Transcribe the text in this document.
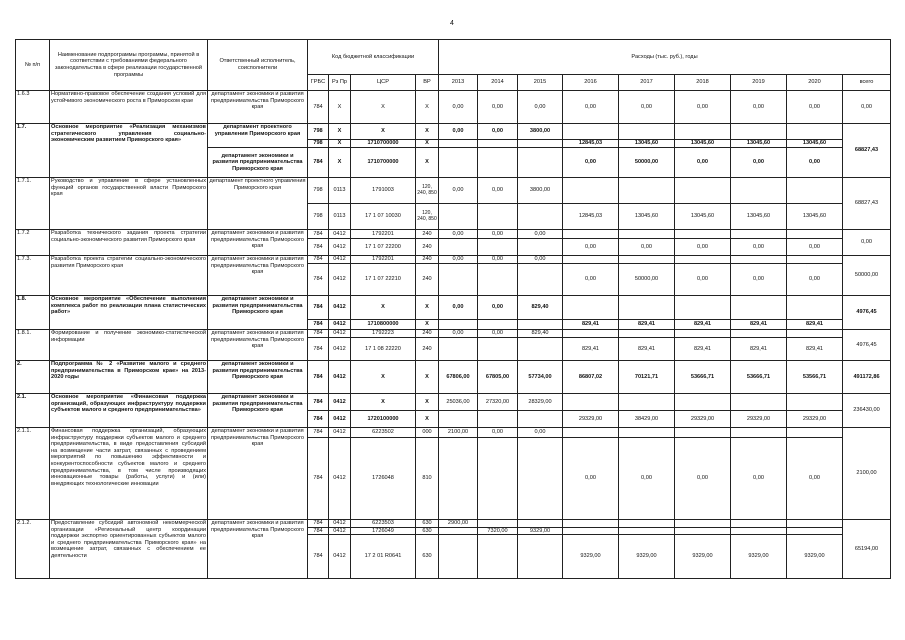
4
№ п/п	Наименование подпрограммы программы, принятой в соответствии с требованиями федерального законодательства в сфере реализации государственной программы	Ответственный исполнитель, соисполнители	Код бюджетной классификации				Расходы (тыс. руб.), годы								
			ГРБС	Рз Пр	ЦСР	ВР	2013	2014	2015	2016	2017	2018	2019	2020	всего
1.6.3	Нормативно-правовое обеспечение создания условий для устойчивого экономического роста в Приморском крае	департамент экономики и развития предпринимательства Приморского края	784	X	X	X	0,00	0,00	0,00	0,00	0,00	0,00	0,00	0,00	0,00
1.7.	Основное мероприятие «Реализация механизмов стратегического управления социально-экономическим развитием Приморского края»	департамент проектного управления Приморского края	798	X	X	X	0,00	0,00	3800,00						68827,43
			798	X	1710700000	X				12845,03	13045,60	13045,60	13045,60	13045,60	
		департамент экономики и развития предпринимательства Приморского края	784	X	1710700000	X				0,00	50000,00	0,00	0,00	0,00	
1.7.1.	Руководство и управление в сфере установленных функций органов государственной власти Приморского края	департамент проектного управления Приморского края	798	0113	1791003	120, 240, 850	0,00	0,00	3800,00						68827,43
			798	0113	17 1 07 10030	120, 240, 850				12845,03	13045,60	13045,60	13045,60	13045,60	
1.7.2	Разработка технического задания проекта стратегии социально-экономического развития Приморского края	департамент экономики и развития предпринимательства Приморского края	784	0412	1792201	240	0,00	0,00	0,00						0,00
			784	0412	17 1 07 22200	240				0,00	0,00	0,00	0,00	0,00	
1.7.3.	Разработка проекта стратегии социально-экономического развития Приморского края	департамент экономики и развития предпринимательства Приморского края	784	0412	1792201	240	0,00	0,00	0,00						50000,00
			784	0412	17 1 07 22210	240				0,00	50000,00	0,00	0,00	0,00	
1.8.	Основное мероприятие «Обеспечение выполнения комплекса работ по реализации плана статистических работ»	департамент экономики и развития предпринимательства Приморского края	784	0412	X	X	0,00	0,00	829,40						4976,45
			784	0412	1710800000	X				829,41	829,41	829,41	829,41	829,41	
1.8.1.	Формирование и получение экономико-статистической информации	департамент экономики и развития предпринимательства Приморского края	784	0412	1792223	240	0,00	0,00	829,40						4976,45
			784	0412	17 1 08 22220	240				829,41	829,41	829,41	829,41	829,41	
2.	Подпрограмма № 2 «Развитие малого и среднего предпринимательства в Приморском крае» на 2013-2020 годы	департамент экономики и развития предпринимательства Приморского края	784	0412	X	X	67806,00	67805,00	57734,00	86807,02	70121,71	53666,71	53666,71	53566,71	491172,86
2.1.	Основное мероприятие «Финансовая поддержка организаций, образующих инфраструктуру поддержки субъектов малого и среднего предпринимательства»	департамент экономики и развития предпринимательства Приморского края	784	0412	X	X	25036,00	27320,00	28329,00						236430,00
			784	0412	1720100000	X				29329,00	38429,00	29329,00	29329,00	29329,00	
2.1.1.	Финансовая поддержка организаций, образующих инфраструктуру поддержки субъектов малого и среднего предпринимательства, в виде предоставления субсидий на возмещение части затрат, связанных с проведением мероприятий по повышению эффективности и конкурентоспособности субъектов малого и среднего предпринимательства, в том числе производящих инновационные товары (работы, услуги) и (или) внедряющих технологические инновации	департамент экономики и развития предпринимательства Приморского края	784	0412	6223502	000	2100,00	0,00	0,00						2100,00
			784	0412	1726048	810				0,00	0,00	0,00	0,00	0,00	
2.1.2.	Предоставление субсидий автономной некоммерческой организации «Региональный центр координации поддержки экспортно ориентированных субъектов малого и среднего предпринимательства Приморского края» на возмещение затрат, связанных с обеспечением ее деятельности	департамент экономики и развития предпринимательства Приморского края	784	0412	6223503	630	2900,00								65194,00
			784	0412	1726049	630		7320,00	9329,00						
			784	0412	17 2 01 R0641	630				9329,00	9329,00	9329,00	9329,00	9329,00	
